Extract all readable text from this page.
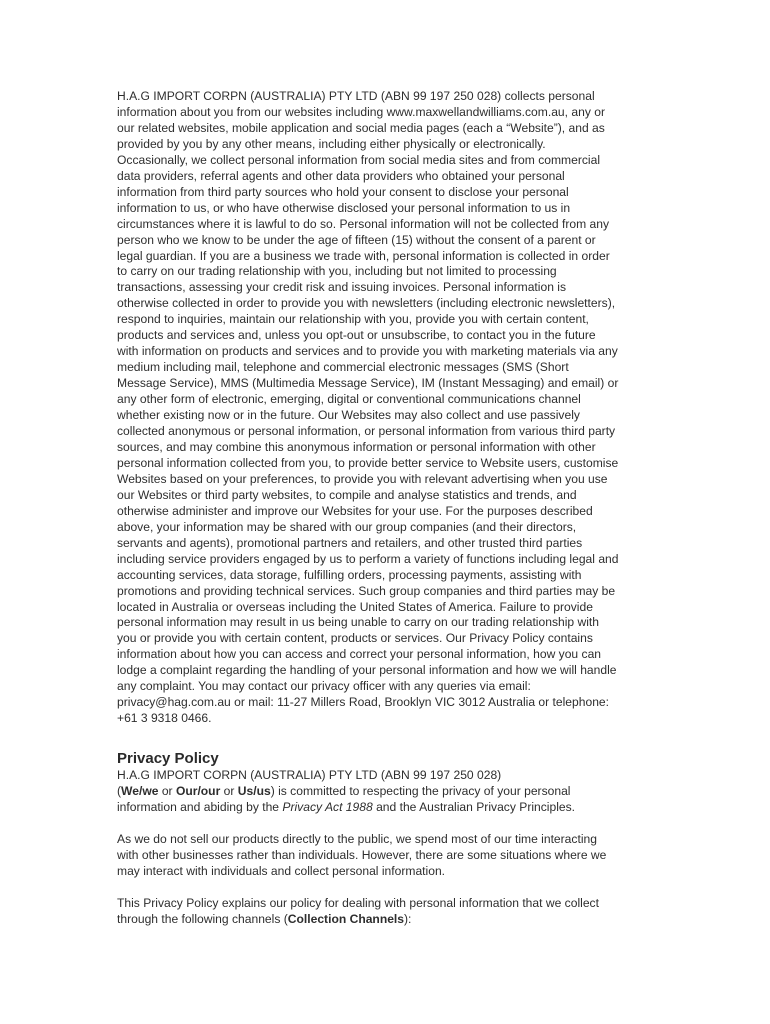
H.A.G IMPORT CORPN (AUSTRALIA) PTY LTD (ABN 99 197 250 028) collects personal
information about you from our websites including www.maxwellandwilliams.com.au, any or
our related websites, mobile application and social media pages (each a “Website”), and as
provided by you by any other means, including either physically or electronically.
Occasionally, we collect personal information from social media sites and from commercial
data providers, referral agents and other data providers who obtained your personal
information from third party sources who hold your consent to disclose your personal
information to us, or who have otherwise disclosed your personal information to us in
circumstances where it is lawful to do so. Personal information will not be collected from any
person who we know to be under the age of fifteen (15) without the consent of a parent or
legal guardian. If you are a business we trade with, personal information is collected in order
to carry on our trading relationship with you, including but not limited to processing
transactions, assessing your credit risk and issuing invoices. Personal information is
otherwise collected in order to provide you with newsletters (including electronic newsletters),
respond to inquiries, maintain our relationship with you, provide you with certain content,
products and services and, unless you opt-out or unsubscribe, to contact you in the future
with information on products and services and to provide you with marketing materials via any
medium including mail, telephone and commercial electronic messages (SMS (Short
Message Service), MMS (Multimedia Message Service), IM (Instant Messaging) and email) or
any other form of electronic, emerging, digital or conventional communications channel
whether existing now or in the future. Our Websites may also collect and use passively
collected anonymous or personal information, or personal information from various third party
sources, and may combine this anonymous information or personal information with other
personal information collected from you, to provide better service to Website users, customise
Websites based on your preferences, to provide you with relevant advertising when you use
our Websites or third party websites, to compile and analyse statistics and trends, and
otherwise administer and improve our Websites for your use. For the purposes described
above, your information may be shared with our group companies (and their directors,
servants and agents), promotional partners and retailers, and other trusted third parties
including service providers engaged by us to perform a variety of functions including legal and
accounting services, data storage, fulfilling orders, processing payments, assisting with
promotions and providing technical services. Such group companies and third parties may be
located in Australia or overseas including the United States of America. Failure to provide
personal information may result in us being unable to carry on our trading relationship with
you or provide you with certain content, products or services. Our Privacy Policy contains
information about how you can access and correct your personal information, how you can
lodge a complaint regarding the handling of your personal information and how we will handle
any complaint. You may contact our privacy officer with any queries via email:
privacy@hag.com.au or mail: 11-27 Millers Road, Brooklyn VIC 3012 Australia or telephone:
+61 3 9318 0466.
Privacy Policy
H.A.G IMPORT CORPN (AUSTRALIA) PTY LTD (ABN 99 197 250 028)
(We/we or Our/our or Us/us) is committed to respecting the privacy of your personal
information and abiding by the Privacy Act 1988 and the Australian Privacy Principles.
As we do not sell our products directly to the public, we spend most of our time interacting
with other businesses rather than individuals. However, there are some situations where we
may interact with individuals and collect personal information.
This Privacy Policy explains our policy for dealing with personal information that we collect
through the following channels (Collection Channels):
